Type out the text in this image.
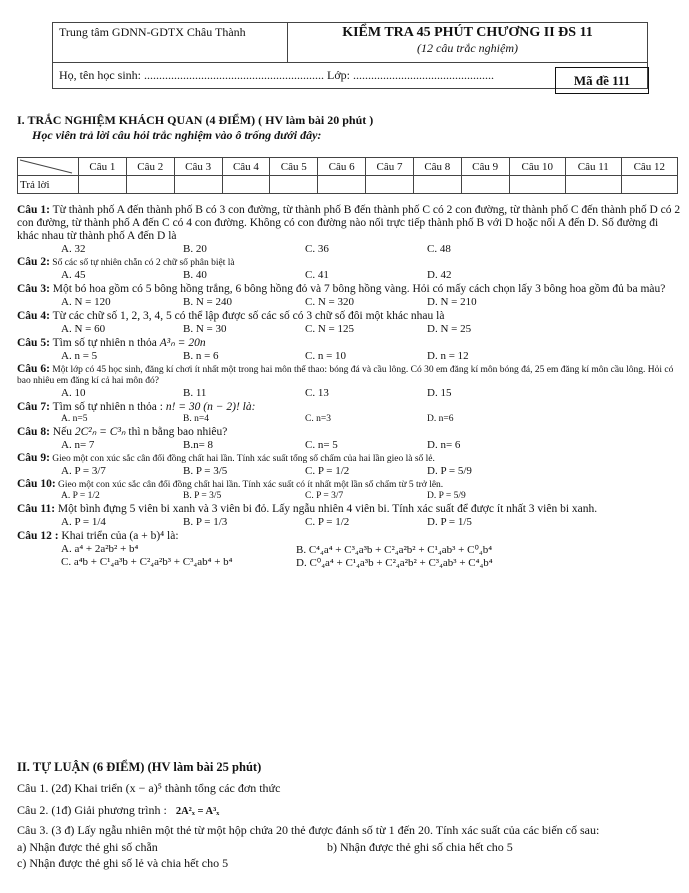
Trung tâm GDNN-GDTX Châu Thành	KIỂM TRA 45 PHÚT CHƯƠNG II ĐS 11
(12 câu trắc nghiệm)

Họ, tên học sinh: ............................................................ Lớp: ...............................................	Mã đề 111
I. TRẮC NGHIỆM KHÁCH QUAN (4 ĐIỂM) ( HV làm bài 20 phút )
Học viên trả lời câu hỏi trắc nghiệm vào ô trống dưới đây:
	Câu 1	Câu 2	Câu 3	Câu 4	Câu 5	Câu 6	Câu 7	Câu 8	Câu 9	Câu 10	Câu 11	Câu 12
Trả lời												
Câu 1: Từ thành phố A đến thành phố B có 3 con đường, từ thành phố B đến thành phố C có 2 con đường, từ thành phố C đến thành phố D có 2 con đường, từ thành phố A đến C có 4 con đường. Không có con đường nào nối trực tiếp thành phố B với D hoặc nối A đến D. Số đường đi khác nhau từ thành phố A đến D là
A. 32	B. 20	C. 36	C. 48
Câu 2: Số các số tự nhiên chẵn có 2 chữ số phân biệt là
A. 45	B. 40	C. 41	D. 42
Câu 3: Một bó hoa gồm có 5 bông hồng trắng, 6 bông hồng đỏ và 7 bông hồng vàng. Hỏi có mấy cách chọn lấy 3 bông hoa gồm đủ ba màu?
A. N = 120	B. N = 240	C. N = 320	D. N = 210
Câu 4: Từ các chữ số 1, 2, 3, 4, 5 có thể lập được số các số có 3 chữ số đôi một khác nhau là
A. N = 60	B. N = 30	C. N = 125	D. N = 25
Câu 5: Tìm số tự nhiên n thỏa A³ₙ = 20n
A. n = 5	B. n = 6	C. n = 10	D. n = 12
Câu 6: Một lớp có 45 học sinh, đăng kí chơi ít nhất một trong hai môn thể thao: bóng đá và cầu lông. Có 30 em đăng kí môn bóng đá, 25 em đăng kí môn cầu lông. Hỏi có bao nhiêu em đăng kí cả hai môn đó?
A. 10	B. 11	C. 13	D. 15
Câu 7: Tìm số tự nhiên n thỏa : n! = 30 (n − 2)! là:
A. n=5	B. n=4	C. n=3	D. n=6
Câu 8: Nếu 2C²ₙ = C³ₙ thì n bằng bao nhiêu?
A. n= 7	B.n= 8	C. n= 5	D. n= 6
Câu 9: Gieo một con xúc sắc cân đối đồng chất hai lần. Tính xác suất tổng số chấm của hai lần gieo là số lẻ.
A. P = 3/7	B. P = 3/5	C. P = 1/2	D. P = 5/9
Câu 10: Gieo một con xúc sắc cân đối đồng chất hai lần. Tính xác suất có ít nhất một lần số chấm từ 5 trở lên.
A. P = 1/2	B. P = 3/5	C. P = 3/7	D. P = 5/9
Câu 11: Một bình đựng 5 viên bi xanh và 3 viên bi đỏ. Lấy ngẫu nhiên 4 viên bi. Tính xác suất để được ít nhất 3 viên bi xanh.
A. P = 1/4	B. P = 1/3	C. P = 1/2	D. P = 1/5
Câu 12 : Khai triển của (a + b)⁴ là:
A. a⁴ + 2a²b² + b⁴	B. C⁴₄a⁴ + C³₄a³b + C²₄a²b² + C¹₄ab³ + C⁰₄b⁴
C. a⁴b + C¹₄a³b + C²₄a²b³ + C³₄ab⁴ + b⁴	D. C⁰₄a⁴ + C¹₄a³b + C²₄a²b² + C³₄ab³ + C⁴₄b⁴
II. TỰ LUẬN (6 ĐIỂM) (HV làm bài 25 phút)
Câu 1. (2đ) Khai triển (x − a)⁵ thành tổng các đơn thức
Câu 2. (1đ) Giải phương trình : 2A²ₓ = A³ₓ
Câu 3. (3 đ) Lấy ngẫu nhiên một thẻ từ một hộp chứa 20 thẻ được đánh số từ 1 đến 20. Tính xác suất của các biến cố sau:
a) Nhận được thẻ ghi số chẵn	b) Nhận được thẻ ghi số chia hết cho 5
c) Nhận được thẻ ghi số lẻ và chia hết cho 5
